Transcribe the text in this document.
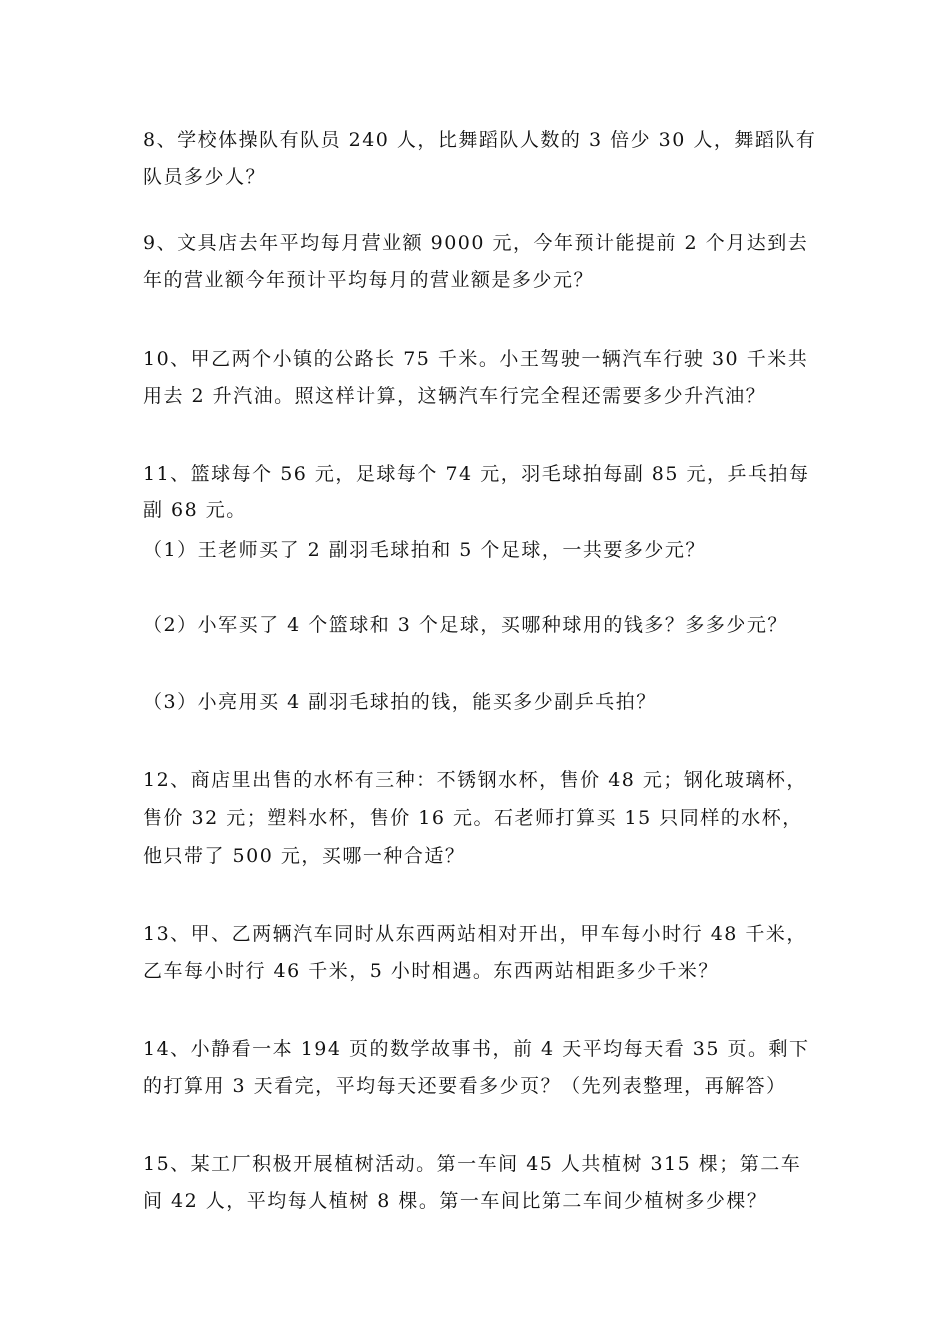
8、学校体操队有队员 240 人，比舞蹈队人数的 3 倍少 30 人，舞蹈队有
队员多少人？
9、文具店去年平均每月营业额 9000 元，今年预计能提前 2 个月达到去
年的营业额今年预计平均每月的营业额是多少元？
10、甲乙两个小镇的公路长 75 千米。小王驾驶一辆汽车行驶 30 千米共
用去 2 升汽油。照这样计算，这辆汽车行完全程还需要多少升汽油？
11、篮球每个 56 元，足球每个 74 元，羽毛球拍每副 85 元，乒乓拍每
副 68 元。
（1）王老师买了 2 副羽毛球拍和 5 个足球，一共要多少元？
（2）小军买了 4 个篮球和 3 个足球，买哪种球用的钱多？多多少元？
（3）小亮用买 4 副羽毛球拍的钱，能买多少副乒乓拍？
12、商店里出售的水杯有三种：不锈钢水杯，售价 48 元；钢化玻璃杯，
售价 32 元；塑料水杯，售价 16 元。石老师打算买 15 只同样的水杯，
他只带了 500 元，买哪一种合适？
13、甲、乙两辆汽车同时从东西两站相对开出，甲车每小时行 48 千米，
乙车每小时行 46 千米，5 小时相遇。东西两站相距多少千米？
14、小静看一本 194 页的数学故事书，前 4 天平均每天看 35 页。剩下
的打算用 3 天看完，平均每天还要看多少页？（先列表整理，再解答）
15、某工厂积极开展植树活动。第一车间 45 人共植树 315 棵；第二车
间 42 人，平均每人植树 8 棵。第一车间比第二车间少植树多少棵？
